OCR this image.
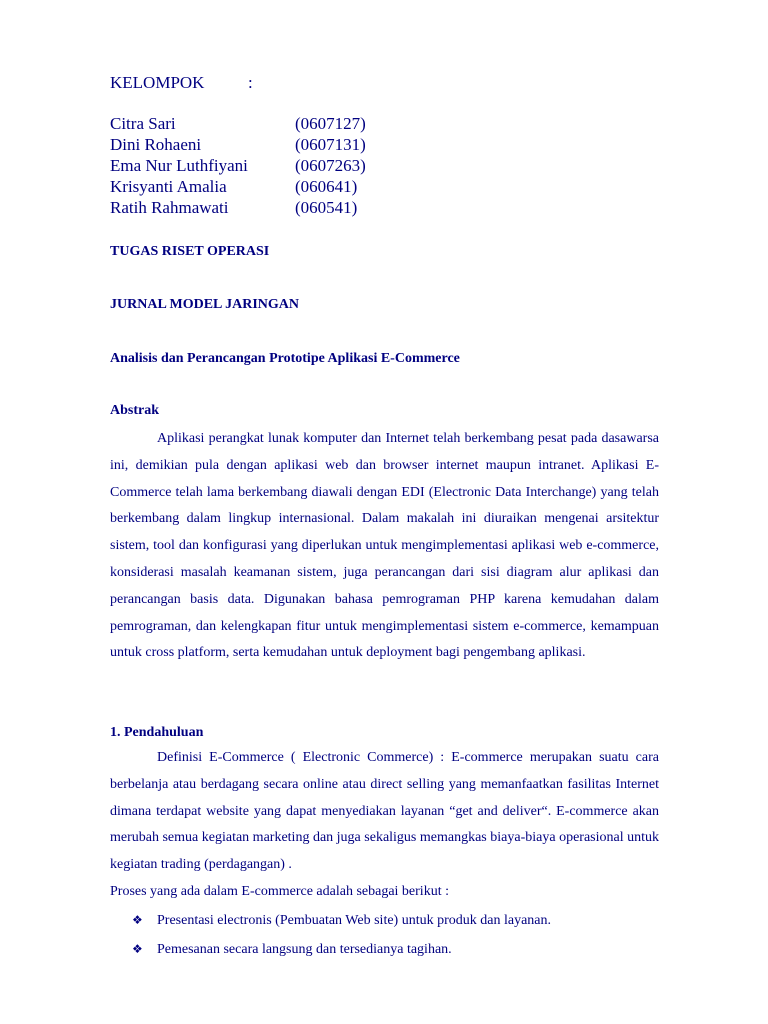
KELOMPOK	:
Citra Sari	(0607127)
Dini Rohaeni	(0607131)
Ema Nur Luthfiyani	(0607263)
Krisyanti Amalia	(060641)
Ratih Rahmawati	(060541)
TUGAS RISET OPERASI
JURNAL MODEL JARINGAN
Analisis dan Perancangan Prototipe Aplikasi E-Commerce
Abstrak
Aplikasi perangkat lunak komputer dan Internet telah berkembang pesat pada dasawarsa ini, demikian pula dengan aplikasi web dan browser internet maupun intranet. Aplikasi E-Commerce telah lama berkembang diawali dengan EDI (Electronic Data Interchange) yang telah berkembang dalam lingkup internasional. Dalam makalah ini diuraikan mengenai arsitektur sistem, tool dan konfigurasi yang diperlukan untuk mengimplementasi aplikasi web e-commerce, konsiderasi masalah keamanan sistem, juga perancangan dari sisi diagram alur aplikasi dan perancangan basis data. Digunakan bahasa pemrograman PHP karena kemudahan dalam pemrograman, dan kelengkapan fitur untuk mengimplementasi sistem e-commerce, kemampuan untuk cross platform, serta kemudahan untuk deployment bagi pengembang aplikasi.
1. Pendahuluan
Definisi E-Commerce ( Electronic Commerce) : E-commerce merupakan suatu cara berbelanja atau berdagang secara online atau direct selling yang memanfaatkan fasilitas Internet dimana terdapat website yang dapat menyediakan layanan “get and deliver“. E-commerce akan merubah semua kegiatan marketing dan juga sekaligus memangkas biaya-biaya operasional untuk kegiatan trading (perdagangan) .
Proses yang ada dalam E-commerce adalah sebagai berikut :
❖ Presentasi electronis (Pembuatan Web site) untuk produk dan layanan.
❖ Pemesanan secara langsung dan tersedianya tagihan.
